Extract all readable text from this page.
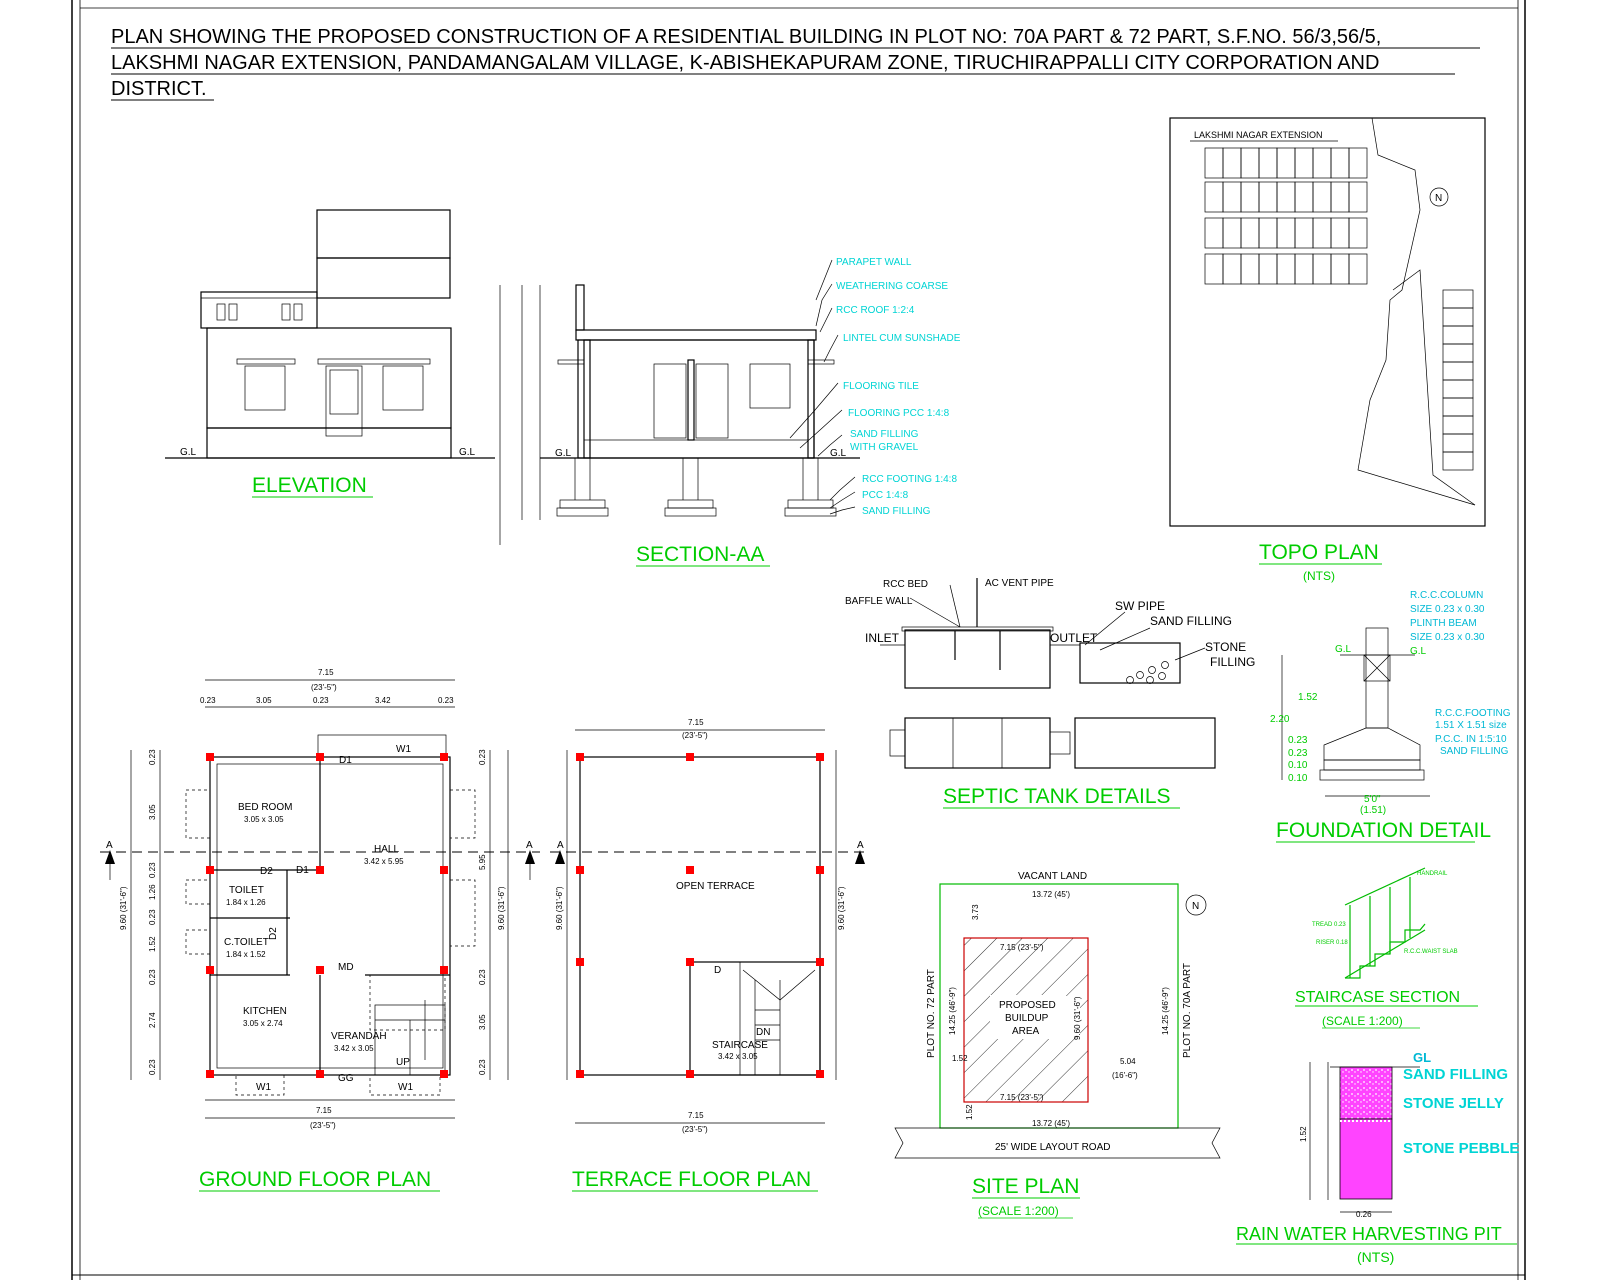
PLAN SHOWING THE PROPOSED CONSTRUCTION OF A RESIDENTIAL BUILDING IN PLOT NO: 70A PART & 72 PART, S.F.NO. 56/3,56/5,
LAKSHMI NAGAR EXTENSION, PANDAMANGALAM VILLAGE, K-ABISHEKAPURAM ZONE, TIRUCHIRAPPALLI CITY CORPORATION AND
DISTRICT.
G.L	G.L
ELEVATION
G.L	G.L
PARAPET WALL
WEATHERING COARSE
RCC ROOF 1:2:4
LINTEL CUM SUNSHADE
FLOORING TILE
FLOORING PCC 1:4:8
SAND FILLING
WITH GRAVEL
RCC FOOTING 1:4:8
PCC 1:4:8
SAND FILLING
SECTION-AA
LAKSHMI NAGAR EXTENSION
N
TOPO PLAN
(NTS)
RCC BED	AC VENT PIPE
BAFFLE WALL
INLET	OUTLET
SW PIPE
SAND FILLING
STONE
FILLING
SEPTIC TANK DETAILS
R.C.C.COLUMN
SIZE 0.23 x 0.30
PLINTH BEAM
SIZE 0.23 x 0.30
R.C.C.FOOTING
1.51 X 1.51 size
P.C.C. IN 1:5:10
SAND FILLING
G.L	G.L
1.52
2.20
0.23
0.23
0.10
0.10
5'0"
(1.51)
FOUNDATION DETAIL
A	A
7.15
(23'-5")
0.23	3.05	0.23	3.42	0.23
7.15
(23'-5")
9.60 (31'-6")	9.60 (31'-6")
0.23
3.05
0.23
1.26
0.23
1.52
0.23
2.74
0.23
0.23
5.95
0.23
3.05
0.23
BED ROOM
3.05 x 3.05
HALL
3.42 x 5.95
TOILET
1.84 x 1.26
C.TOILET
1.84 x 1.52
KITCHEN
3.05 x 2.74
VERANDAH
3.42 x 3.05
D1
D1
D2
D2
MD
GG
UP
W1
W1	W1
GROUND FLOOR PLAN
A	A
7.15
(23'-5")
7.15
(23'-5")
9.60 (31'-6")	9.60 (31'-6")
OPEN TERRACE
D
DN
STAIRCASE
3.42 x 3.05
TERRACE FLOOR PLAN
N
VACANT LAND
13.72 (45')
25' WIDE LAYOUT ROAD
13.72 (45')
PLOT NO. 72 PART	PLOT NO. 70A PART
PROPOSED
BUILDUP
AREA
7.15 (23'-5")
7.15 (23'-5")
14.25 (46'-9")	14.25 (46'-9")
9.60 (31'-6")
5.04
(16'-6")
1.52
1.52
3.73
SITE PLAN
(SCALE 1:200)
HANDRAIL
TREAD 0.23
RISER 0.18
R.C.C.WAIST SLAB
STAIRCASE SECTION
(SCALE 1:200)
GL
SAND FILLING
STONE JELLY
STONE PEBBLE
0.26
1.52
RAIN WATER HARVESTING PIT
(NTS)
